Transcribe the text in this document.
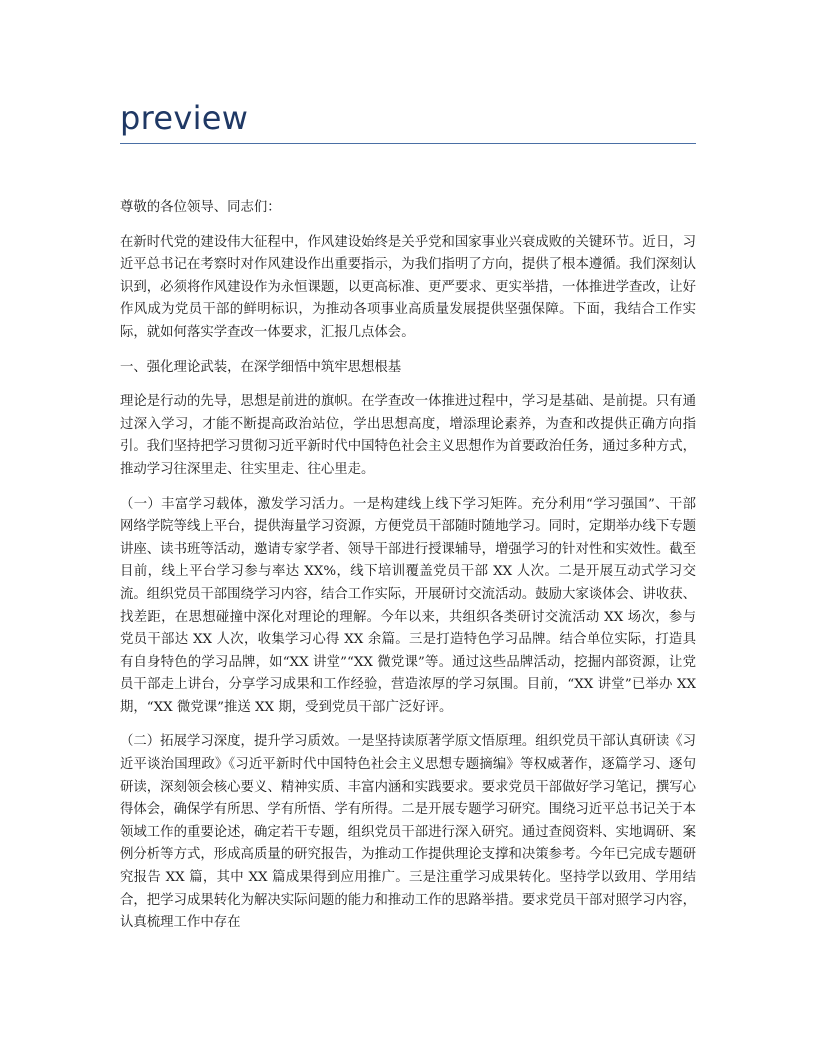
preview

尊敬的各位领导、同志们：

在新时代党的建设伟大征程中，作风建设始终是关乎党和国家事业兴衰成败的关键环节。近日，习近平总书记在考察时对作风建设作出重要指示，为我们指明了方向，提供了根本遵循。我们深刻认识到，必须将作风建设作为永恒课题，以更高标准、更严要求、更实举措，一体推进学查改，让好作风成为党员干部的鲜明标识，为推动各项事业高质量发展提供坚强保障。下面，我结合工作实际，就如何落实学查改一体要求，汇报几点体会。

一、强化理论武装，在深学细悟中筑牢思想根基

理论是行动的先导，思想是前进的旗帜。在学查改一体推进过程中，学习是基础、是前提。只有通过深入学习，才能不断提高政治站位，学出思想高度，增添理论素养，为查和改提供正确方向指引。我们坚持把学习贯彻习近平新时代中国特色社会主义思想作为首要政治任务，通过多种方式，推动学习往深里走、往实里走、往心里走。

（一）丰富学习载体，激发学习活力。一是构建线上线下学习矩阵。充分利用“学习强国”、干部网络学院等线上平台，提供海量学习资源，方便党员干部随时随地学习。同时，定期举办线下专题讲座、读书班等活动，邀请专家学者、领导干部进行授课辅导，增强学习的针对性和实效性。截至目前，线上平台学习参与率达 XX%，线下培训覆盖党员干部 XX 人次。二是开展互动式学习交流。组织党员干部围绕学习内容，结合工作实际，开展研讨交流活动。鼓励大家谈体会、讲收获、找差距，在思想碰撞中深化对理论的理解。今年以来，共组织各类研讨交流活动 XX 场次，参与党员干部达 XX 人次，收集学习心得 XX 余篇。三是打造特色学习品牌。结合单位实际，打造具有自身特色的学习品牌，如“XX 讲堂”“XX 微党课”等。通过这些品牌活动，挖掘内部资源，让党员干部走上讲台，分享学习成果和工作经验，营造浓厚的学习氛围。目前，“XX 讲堂”已举办 XX 期，“XX 微党课”推送 XX 期，受到党员干部广泛好评。

（二）拓展学习深度，提升学习质效。一是坚持读原著学原文悟原理。组织党员干部认真研读《习近平谈治国理政》《习近平新时代中国特色社会主义思想专题摘编》等权威著作，逐篇学习、逐句研读，深刻领会核心要义、精神实质、丰富内涵和实践要求。要求党员干部做好学习笔记，撰写心得体会，确保学有所思、学有所悟、学有所得。二是开展专题学习研究。围绕习近平总书记关于本领域工作的重要论述，确定若干专题，组织党员干部进行深入研究。通过查阅资料、实地调研、案例分析等方式，形成高质量的研究报告，为推动工作提供理论支撑和决策参考。今年已完成专题研究报告 XX 篇，其中 XX 篇成果得到应用推广。三是注重学习成果转化。坚持学以致用、学用结合，把学习成果转化为解决实际问题的能力和推动工作的思路举措。要求党员干部对照学习内容，认真梳理工作中存在
